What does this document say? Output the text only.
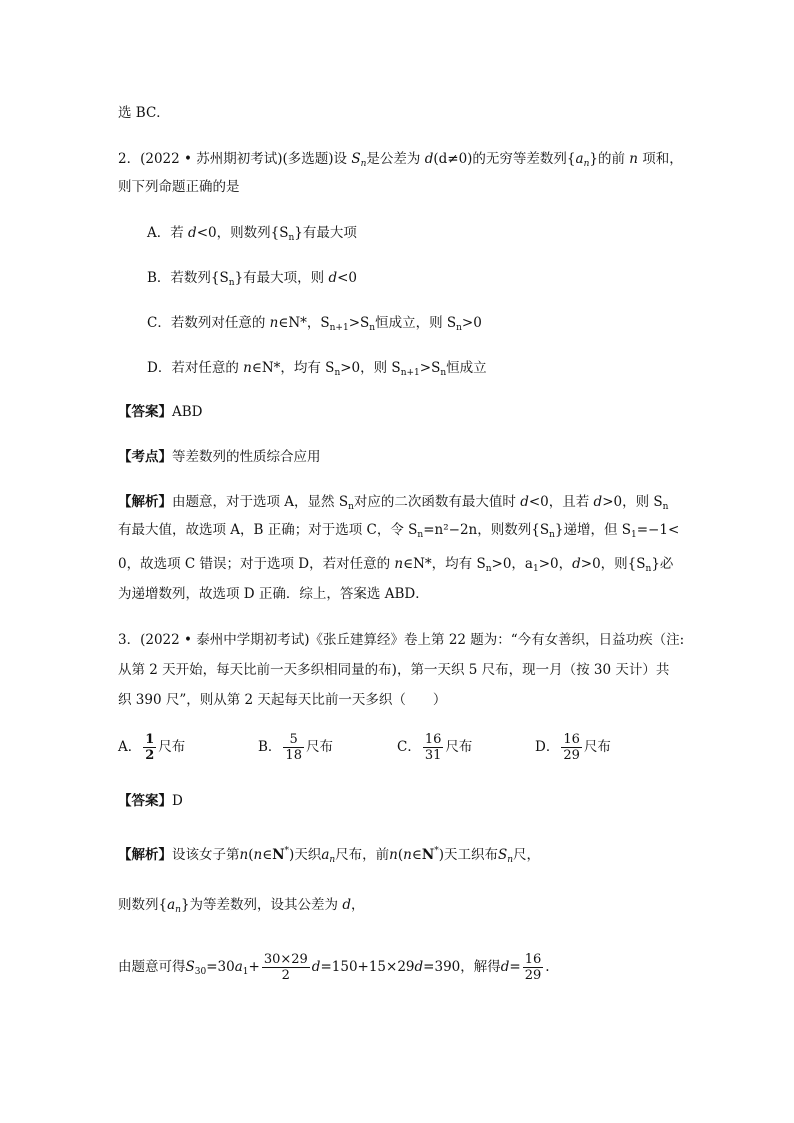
选 BC．
2．(2022 • 苏州期初考试)(多选题)设 $S_n$是公差为 d(d≠0)的无穷等差数列$\{a_n\}$的前 n 项和，
则下列命题正确的是
A．若 d<0，则数列$\{S_n\}$有最大项
B．若数列$\{S_n\}$有最大项，则 d<0
C．若数列对任意的 n∈N*，$S_{n+1}>S_n$恒成立，则 $S_n>0$
D．若对任意的 n∈N*，均有 $S_n>0$，则 $S_{n+1}>S_n$恒成立
【答案】ABD
【考点】等差数列的性质综合应用
【解析】由题意，对于选项 A，显然 $S_n$对应的二次函数有最大值时 d<0，且若 d>0，则 $S_n$
有最大值，故选项 A，B 正确；对于选项 C，令 $S_n=n^2-2n$，则数列$\{S_n\}$递增，但 $S_1=-1<$
0，故选项 C 错误；对于选项 D，若对任意的 n∈N*，均有 $S_n>0$，$a_1>0$，d>0，则$\{S_n\}$必
为递增数列，故选项 D 正确．综上，答案选 ABD．
3．(2022 • 泰州中学期初考试)《张丘建算经》卷上第 22 题为：“今有女善织，日益功疾（注:
从第 2 天开始，每天比前一天多织相同量的布)，第一天织 5 尺布，现一月（按 30 天计）共
织 390 尺”，则从第 2 天起每天比前一天多织（　　）
A． $\frac{1}{2}$ 尺布	B． $\frac{5}{18}$ 尺布	C． $\frac{16}{31}$ 尺布	D． $\frac{16}{29}$ 尺布
【答案】D
【解析】设该女子第n(n∈N*)天织$a_n$尺布，前n(n∈N*)天工织布$S_n$尺，
则数列$\{a_n\}$为等差数列，设其公差为 d，
由题意可得$S_{30}=30a_1+ \frac{30\times 29}{2} d=150+15\times 29d=390$，解得$d= \frac{16}{29}$ .
